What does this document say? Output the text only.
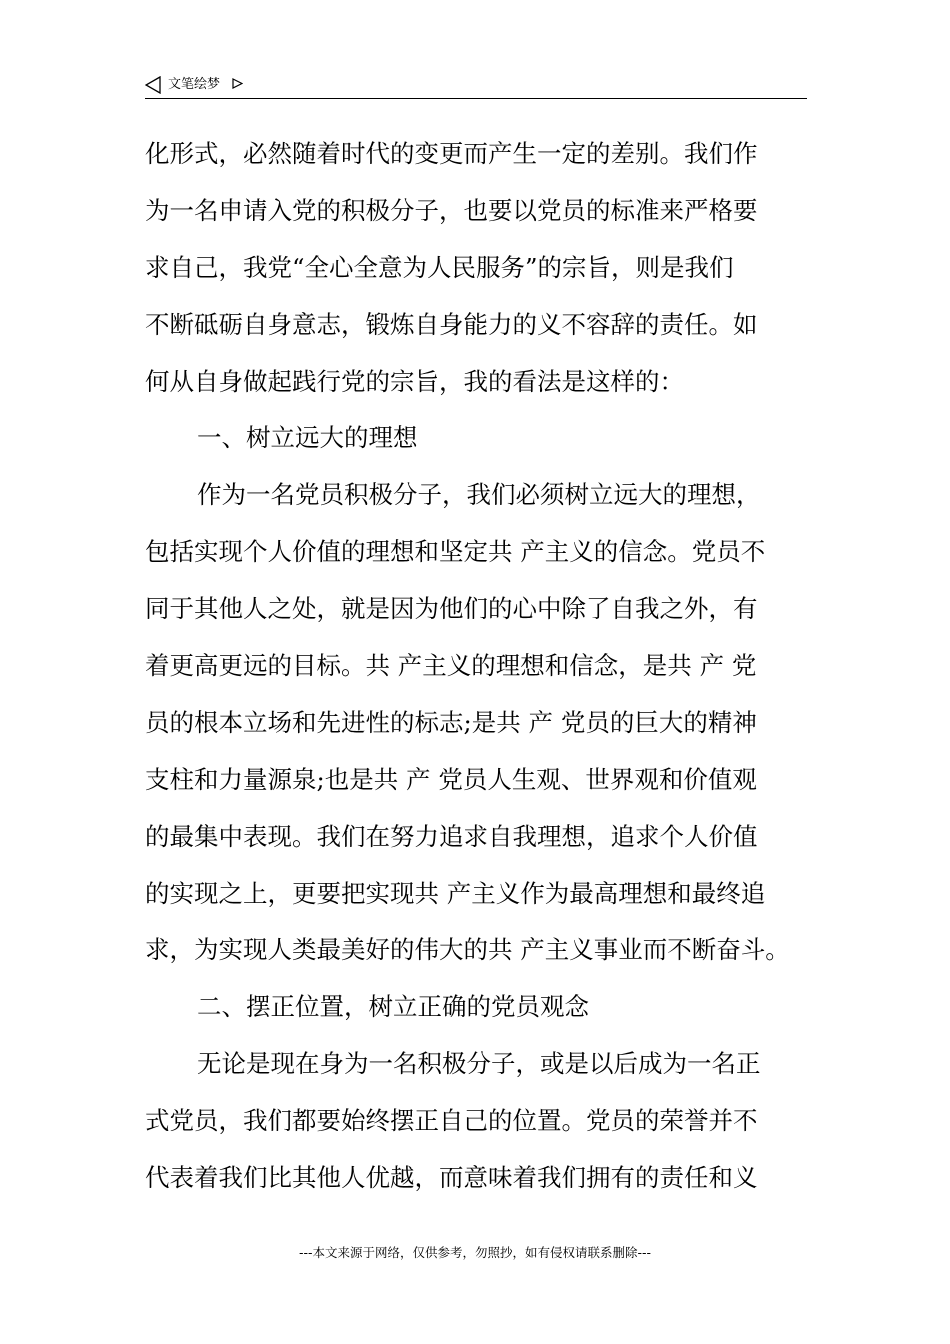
文笔绘梦
化形式，必然随着时代的变更而产生一定的差别。我们作
为一名申请入党的积极分子，也要以党员的标准来严格要
求自己，我党“全心全意为人民服务”的宗旨，则是我们
不断砥砺自身意志，锻炼自身能力的义不容辞的责任。如
何从自身做起践行党的宗旨，我的看法是这样的：
一、树立远大的理想
作为一名党员积极分子，我们必须树立远大的理想，
包括实现个人价值的理想和坚定共 产主义的信念。党员不
同于其他人之处，就是因为他们的心中除了自我之外，有
着更高更远的目标。共 产主义的理想和信念，是共 产 党
员的根本立场和先进性的标志;是共 产 党员的巨大的精神
支柱和力量源泉;也是共 产 党员人生观、世界观和价值观
的最集中表现。我们在努力追求自我理想，追求个人价值
的实现之上，更要把实现共 产主义作为最高理想和最终追
求，为实现人类最美好的伟大的共 产主义事业而不断奋斗。
二、摆正位置，树立正确的党员观念
无论是现在身为一名积极分子，或是以后成为一名正
式党员，我们都要始终摆正自己的位置。党员的荣誉并不
代表着我们比其他人优越，而意味着我们拥有的责任和义
---本文来源于网络，仅供参考，勿照抄，如有侵权请联系删除---
